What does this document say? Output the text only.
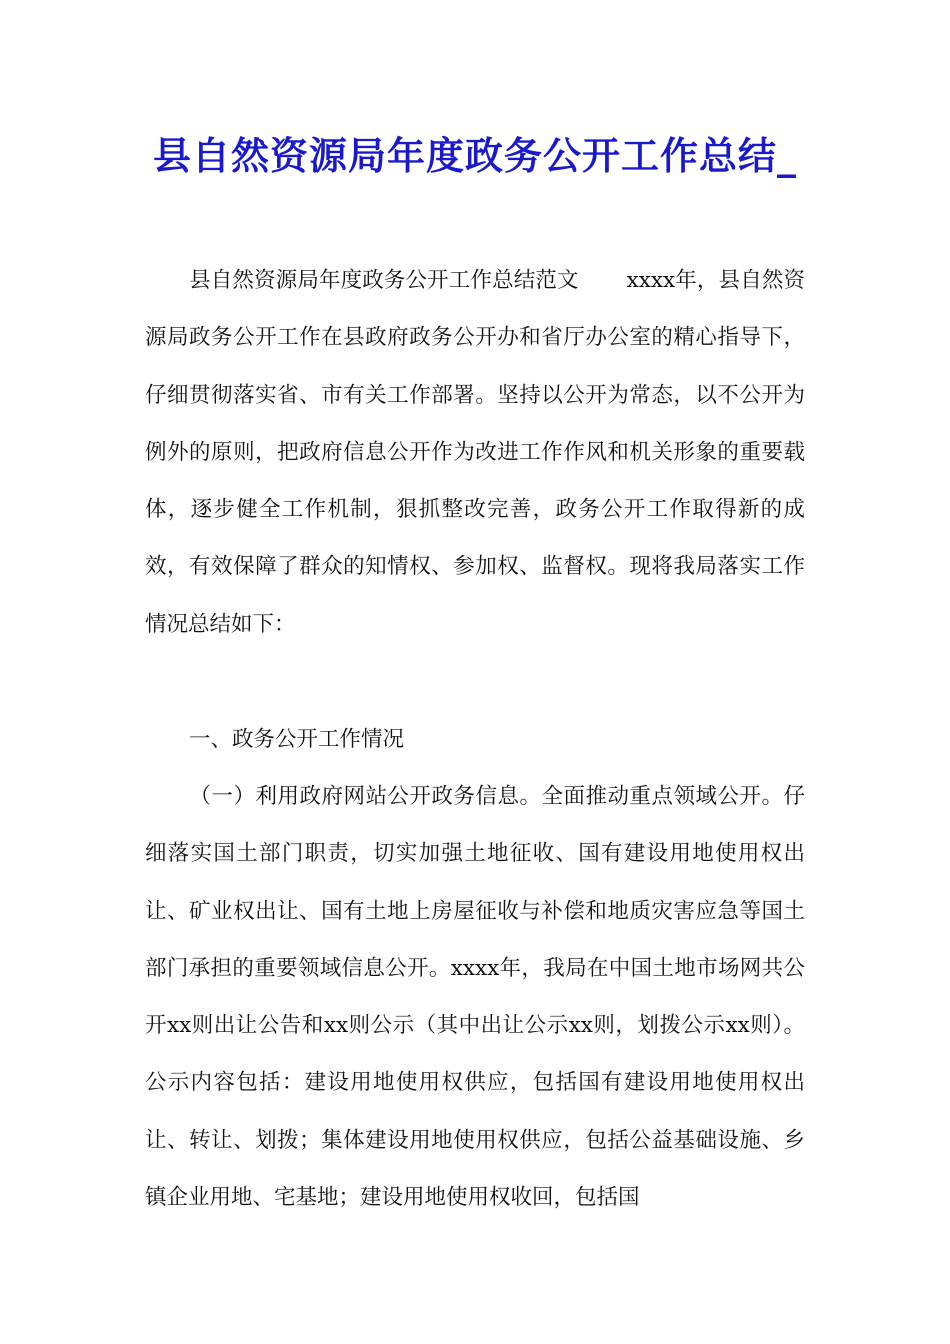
县自然资源局年度政务公开工作总结_

县自然资源局年度政务公开工作总结范文 xxxx年，县自然资源局政务公开工作在县政府政务公开办和省厅办公室的精心指导下，仔细贯彻落实省、市有关工作部署。坚持以公开为常态，以不公开为例外的原则，把政府信息公开作为改进工作作风和机关形象的重要载体，逐步健全工作机制，狠抓整改完善，政务公开工作取得新的成效，有效保障了群众的知情权、参加权、监督权。现将我局落实工作情况总结如下：

一、政务公开工作情况

（一）利用政府网站公开政务信息。全面推动重点领域公开。仔细落实国土部门职责，切实加强土地征收、国有建设用地使用权出让、矿业权出让、国有土地上房屋征收与补偿和地质灾害应急等国土部门承担的重要领域信息公开。xxxx年，我局在中国土地市场网共公开xx则出让公告和xx则公示（其中出让公示xx则，划拨公示xx则）。公示内容包括：建设用地使用权供应，包括国有建设用地使用权出让、转让、划拨；集体建设用地使用权供应，包括公益基础设施、乡镇企业用地、宅基地；建设用地使用权收回，包括国
